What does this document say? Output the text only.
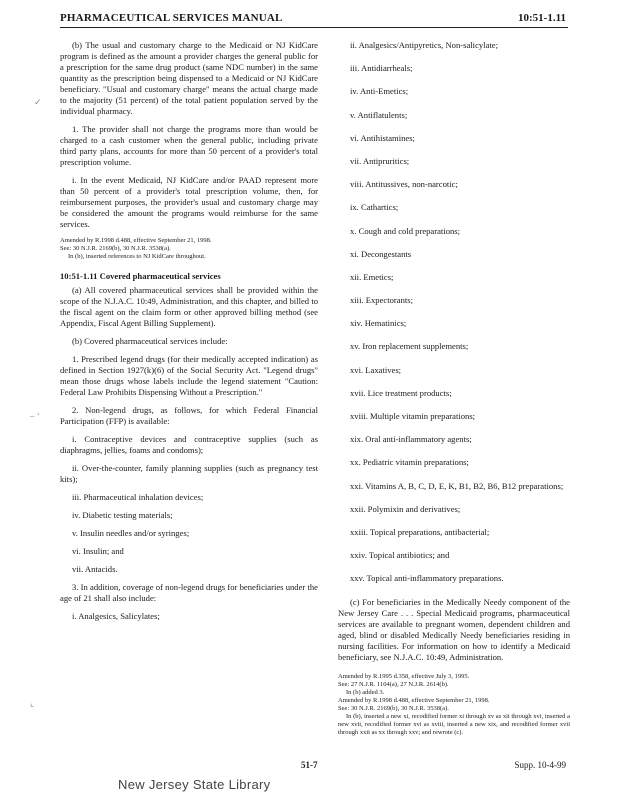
PHARMACEUTICAL SERVICES MANUAL	10:51-1.11
✓
‒ ‘
⌞

(b) The usual and customary charge to the Medicaid or NJ KidCare program is defined as the amount a provider charges the general public for a prescription for the same drug product (same NDC number) in the same quantity as the prescription being dispensed to a Medicaid or NJ KidCare beneficiary. "Usual and customary charge" means the actual charge made to the majority (51 percent) of the total patient population served by the individual pharmacy.

1. The provider shall not charge the programs more than would be charged to a cash customer when the general public, including private third party plans, accounts for more than 50 percent of a provider's total prescription volume.

i. In the event Medicaid, NJ KidCare and/or PAAD represent more than 50 percent of a provider's total prescription volume, then, for reimbursement purposes, the provider's usual and customary charge may be considered the amount the programs would reimburse for the same services.

Amended by R.1998 d.488, effective September 21, 1998.
See: 30 N.J.R. 2169(b), 30 N.J.R. 3538(a).
In (b), inserted references to NJ KidCare throughout.

10:51-1.11 Covered pharmaceutical services

(a) All covered pharmaceutical services shall be provided within the scope of the N.J.A.C. 10:49, Administration, and this chapter, and billed to the fiscal agent on the claim form or other approved billing method (see Appendix, Fiscal Agent Billing Supplement).

(b) Covered pharmaceutical services include:

1. Prescribed legend drugs (for their medically accepted indication) as defined in Section 1927(k)(6) of the Social Security Act. "Legend drugs" mean those drugs whose labels include the legend statement "Caution: Federal Law Prohibits Dispensing Without a Prescription."

2. Non-legend drugs, as follows, for which Federal Financial Participation (FFP) is available:

i. Contraceptive devices and contraceptive supplies (such as diaphragms, jellies, foams and condoms);

ii. Over-the-counter, family planning supplies (such as pregnancy test kits);

iii. Pharmaceutical inhalation devices;

iv. Diabetic testing materials;

v. Insulin needles and/or syringes;

vi. Insulin; and

vii. Antacids.

3. In addition, coverage of non-legend drugs for beneficiaries under the age of 21 shall also include:

i. Analgesics, Salicylates;

ii. Analgesics/Antipyretics, Non-salicylate;

iii. Antidiarrheals;

iv. Anti-Emetics;

v. Antiflatulents;

vi. Antihistamines;

vii. Antipruritics;

viii. Antitussives, non-narcotic;

ix. Cathartics;

x. Cough and cold preparations;

xi. Decongestants

xii. Emetics;

xiii. Expectorants;

xiv. Hematinics;

xv. Iron replacement supplements;

xvi. Laxatives;

xvii. Lice treatment products;

xviii. Multiple vitamin preparations;

xix. Oral anti-inflammatory agents;

xx. Pediatric vitamin preparations;

xxi. Vitamins A, B, C, D, E, K, B1, B2, B6, B12 preparations;

xxii. Polymixin and derivatives;

xxiii. Topical preparations, antibacterial;

xxiv. Topical antibiotics; and

xxv. Topical anti-inflammatory preparations.

(c) For beneficiaries in the Medically Needy component of the New Jersey Care . . . Special Medicaid programs, pharmaceutical services are available to pregnant women, dependent children and aged, blind or disabled Medically Needy beneficiaries residing in nursing facilities. For information on how to identify a Medicaid beneficiary, see N.J.A.C. 10:49, Administration.

Amended by R.1995 d.358, effective July 3, 1995.
See: 27 N.J.R. 1104(a), 27 N.J.R. 2614(b).
In (b) added 3.
Amended by R.1998 d.488, effective September 21, 1998.
See: 30 N.J.R. 2169(b), 30 N.J.R. 3538(a).
In (b), inserted a new xi, recodified former xi through xv as xii through xvi, inserted a new xvii, recodified former xvi as xviii, inserted a new xix, and recodified former xvii through xxii as xx through xxv; and rewrote (c).
51-7	Supp. 10-4-99
New Jersey State Library
